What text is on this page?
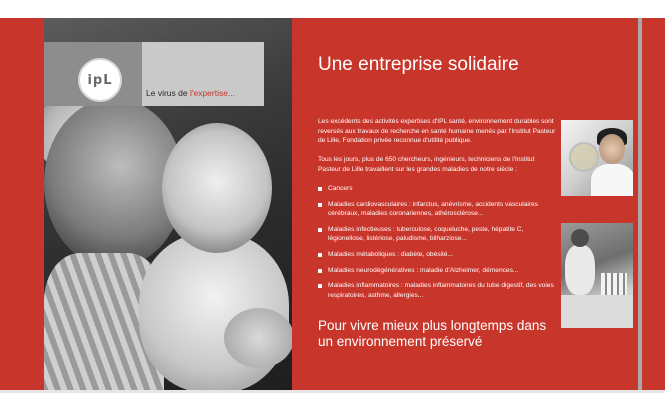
ipL
Le virus de l'expertise...
Une entreprise solidaire
Les excédents des activités expertises d'IPL santé, environnement durables sont reversés aux travaux de recherche en santé humaine menés par l'Institut Pasteur de Lille, Fondation privée reconnue d'utilité publique.
Tous les jours, plus de 650 chercheurs, ingénieurs, techniciens de l'Institut Pasteur de Lille travaillent sur les grandes maladies de notre siècle :
Cancers
Maladies cardiovasculaires : infarctus, anévrisme, accidents vasculaires cérébraux, maladies coronariennes, athérosclérose...
Maladies infectieuses : tuberculose, coqueluche, peste, hépatite C, légionellose, listériose, paludisme, bilharziose...
Maladies métaboliques : diabète, obésité...
Maladies neurodégénératives : maladie d'Alzheimer, démences...
Maladies inflammatoires : maladies inflammatoires du tube digestif, des voies respiratoires, asthme, allergies...
Pour vivre mieux plus longtemps dans un environnement préservé
